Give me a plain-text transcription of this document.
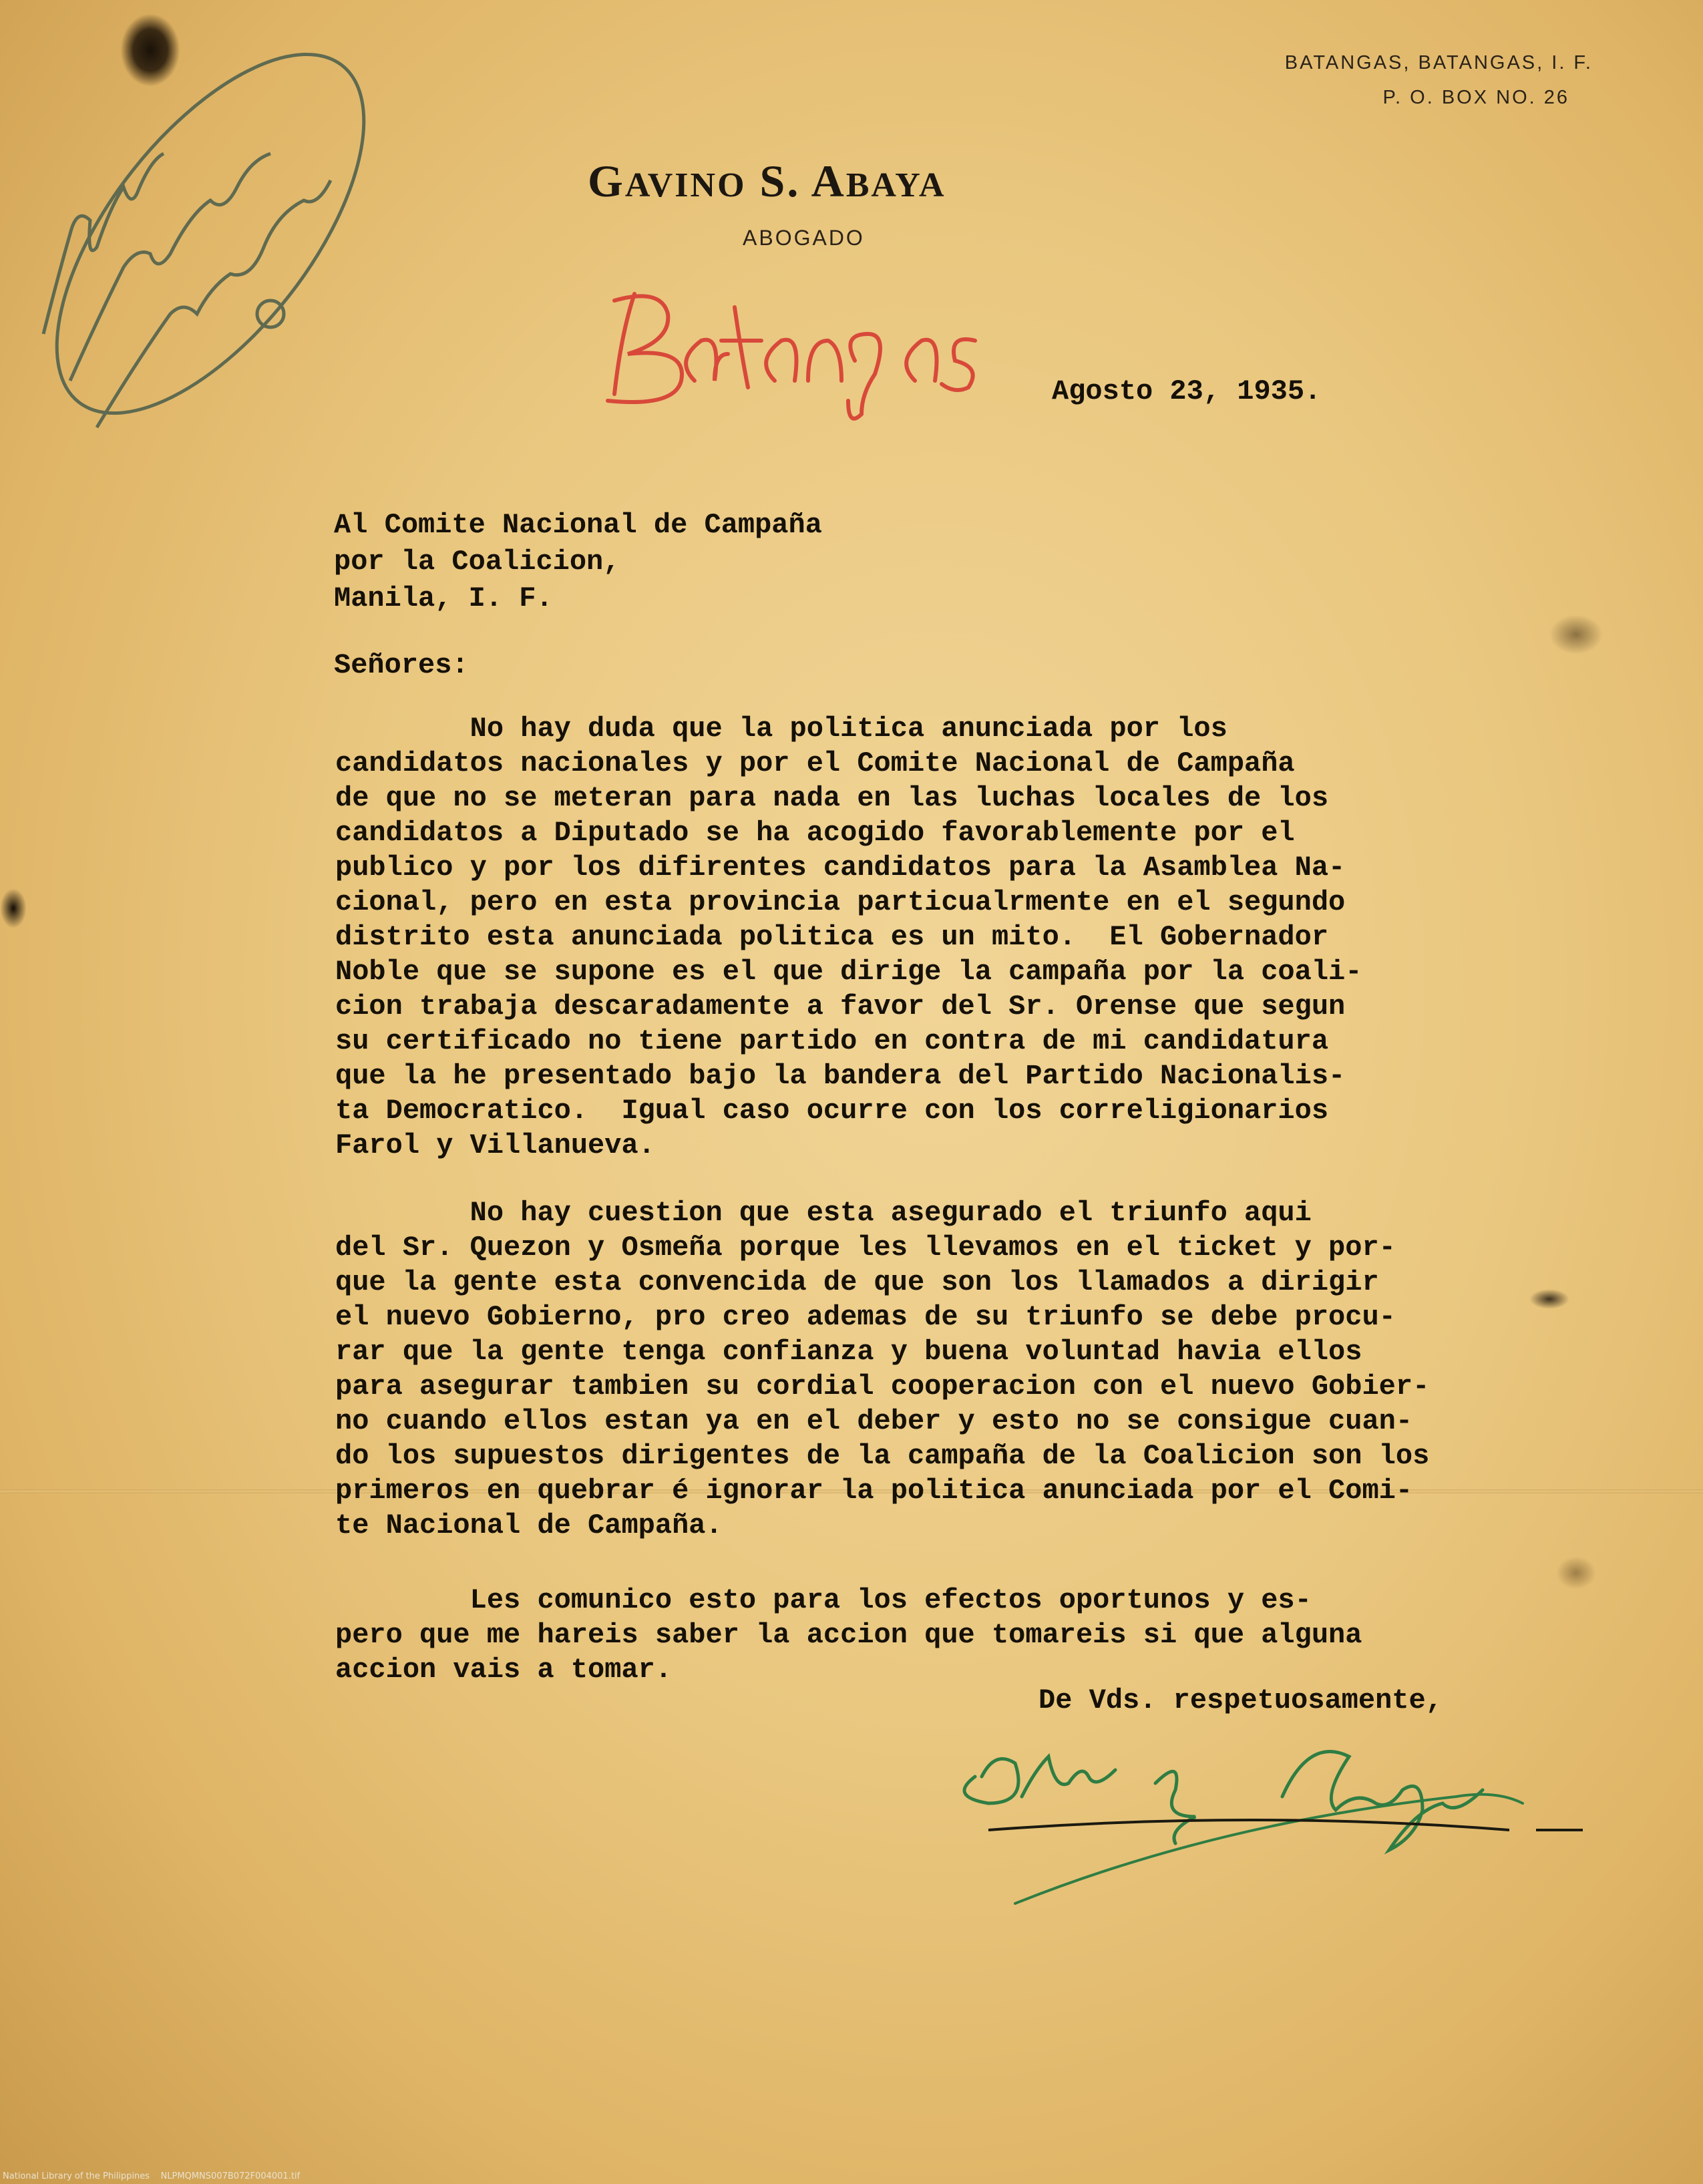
BATANGAS, BATANGAS, I. F.
P. O. BOX NO. 26
GAVINO S. ABAYA
ABOGADO
Agosto 23, 1935.
Al Comite Nacional de Campaña
por la Coalicion,
Manila, I. F.
Señores:
No hay duda que la politica anunciada por los
candidatos nacionales y por el Comite Nacional de Campaña
de que no se meteran para nada en las luchas locales de los
candidatos a Diputado se ha acogido favorablemente por el
publico y por los difirentes candidatos para la Asamblea Na-
cional, pero en esta provincia particualrmente en el segundo
distrito esta anunciada politica es un mito.  El Gobernador
Noble que se supone es el que dirige la campaña por la coali-
cion trabaja descaradamente a favor del Sr. Orense que segun
su certificado no tiene partido en contra de mi candidatura
que la he presentado bajo la bandera del Partido Nacionalis-
ta Democratico.  Igual caso ocurre con los correligionarios
Farol y Villanueva.
No hay cuestion que esta asegurado el triunfo aqui
del Sr. Quezon y Osmeña porque les llevamos en el ticket y por-
que la gente esta convencida de que son los llamados a dirigir
el nuevo Gobierno, pro creo ademas de su triunfo se debe procu-
rar que la gente tenga confianza y buena voluntad havia ellos
para asegurar tambien su cordial cooperacion con el nuevo Gobier-
no cuando ellos estan ya en el deber y esto no se consigue cuan-
do los supuestos dirigentes de la campaña de la Coalicion son los
primeros en quebrar é ignorar la politica anunciada por el Comi-
te Nacional de Campaña.
Les comunico esto para los efectos oportunos y es-
pero que me hareis saber la accion que tomareis si que alguna
accion vais a tomar.
De Vds. respetuosamente,
National Library of the Philippines    NLPMQMNS007B072F004001.tif
